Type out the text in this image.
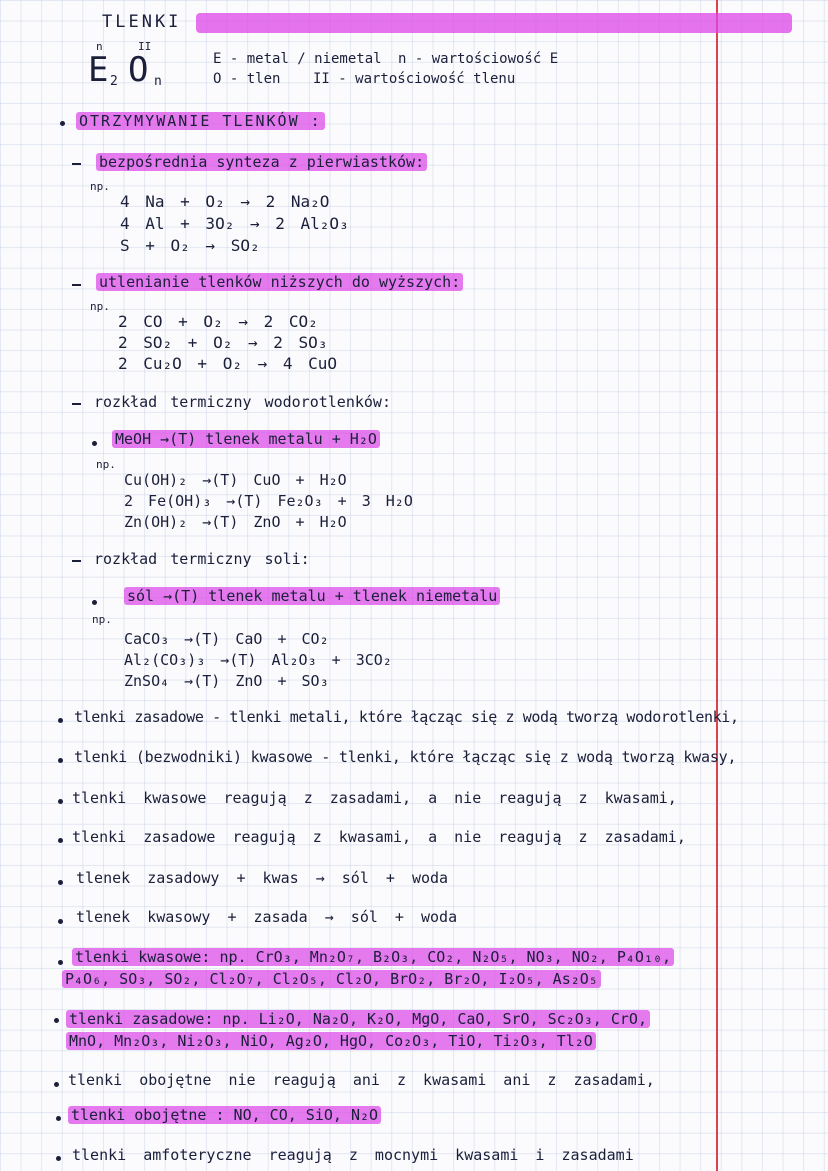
TLENKI
n	II
E 2 O n
E - metal / niemetal n - wartościowość E
O - tlen II - wartościowość tlenu
OTRZYMYWANIE TLENKÓW :
bezpośrednia synteza z pierwiastków:
np.
4 Na + O₂ → 2 Na₂O
4 Al + 3O₂ → 2 Al₂O₃
S + O₂ → SO₂
utlenianie tlenków niższych do wyższych:
np.
2 CO + O₂ → 2 CO₂
2 SO₂ + O₂ → 2 SO₃
2 Cu₂O + O₂ → 4 CuO
rozkład termiczny wodorotlenków:
MeOH →(T) tlenek metalu + H₂O
np.
Cu(OH)₂ →(T) CuO + H₂O
2 Fe(OH)₃ →(T) Fe₂O₃ + 3 H₂O
Zn(OH)₂ →(T) ZnO + H₂O
rozkład termiczny soli:
sól →(T) tlenek metalu + tlenek niemetalu
np.
CaCO₃ →(T) CaO + CO₂
Al₂(CO₃)₃ →(T) Al₂O₃ + 3CO₂
ZnSO₄ →(T) ZnO + SO₃
tlenki zasadowe - tlenki metali, które łącząc się z wodą tworzą wodorotlenki,
tlenki (bezwodniki) kwasowe - tlenki, które łącząc się z wodą tworzą kwasy,
tlenki kwasowe reagują z zasadami, a nie reagują z kwasami,
tlenki zasadowe reagują z kwasami, a nie reagują z zasadami,
tlenek zasadowy + kwas → sól + woda
tlenek kwasowy + zasada → sól + woda
tlenki kwasowe: np. CrO₃, Mn₂O₇, B₂O₃, CO₂, N₂O₅, NO₃, NO₂, P₄O₁₀,
P₄O₆, SO₃, SO₂, Cl₂O₇, Cl₂O₅, Cl₂O, BrO₂, Br₂O, I₂O₅, As₂O₅
tlenki zasadowe: np. Li₂O, Na₂O, K₂O, MgO, CaO, SrO, Sc₂O₃, CrO,
MnO, Mn₂O₃, Ni₂O₃, NiO, Ag₂O, HgO, Co₂O₃, TiO, Ti₂O₃, Tl₂O
tlenki obojętne nie reagują ani z kwasami ani z zasadami,
tlenki obojętne : NO, CO, SiO, N₂O
tlenki amfoteryczne reagują z mocnymi kwasami i zasadami
